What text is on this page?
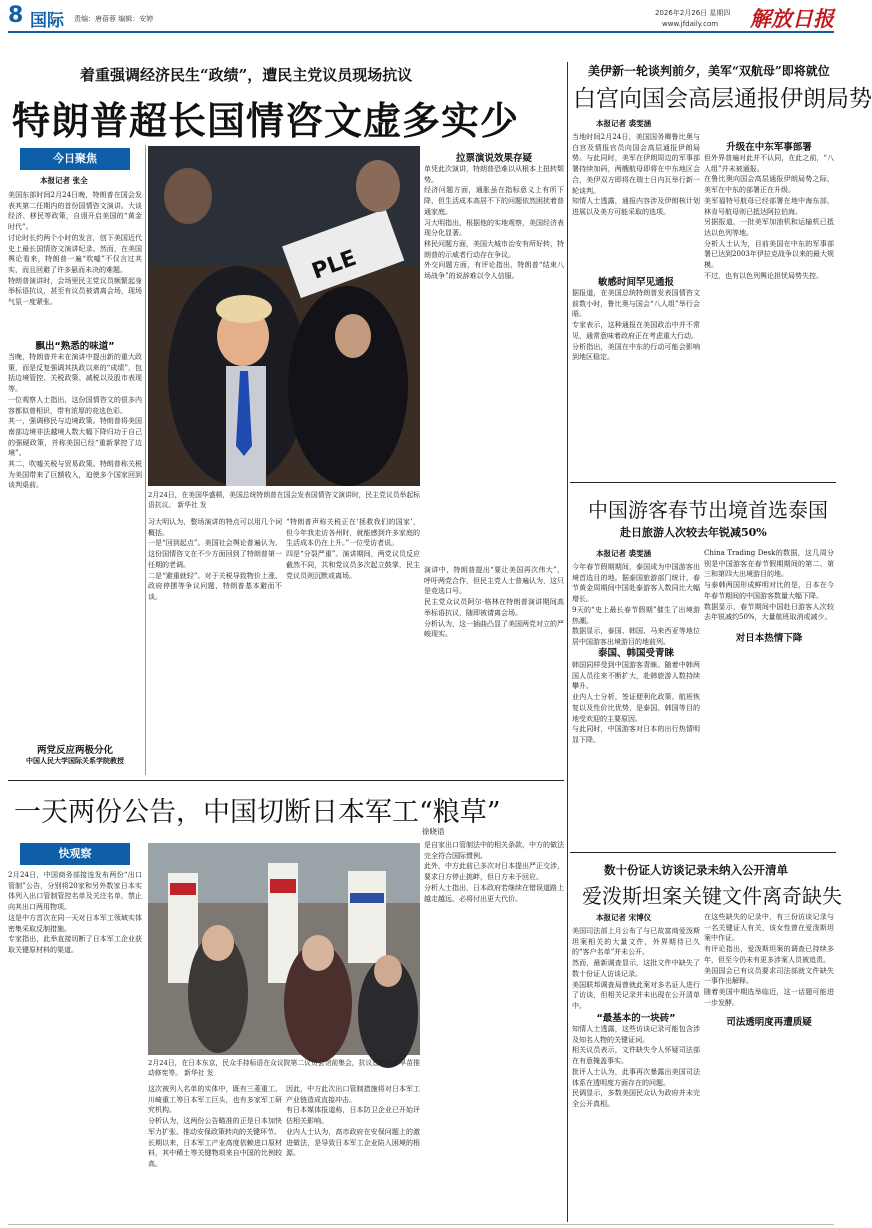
8 国际 责编：唐蓓蓉 编辑：安婷
2026年2月26日 星期四
www.jfdaily.com 解放日报
着重强调经济民生“政绩”，遭民主党议员现场抗议
特朗普超长国情咨文虚多实少
今日聚焦
本报记者 张全
美国东部时间2月24日晚，特朗普在国会发表其第二任期内的首份国情咨文演讲。大谈经济、移民等政策，自诩开启美国的“黄金时代”。
讨论时长约两个小时的发言，创下美国近代史上最长国情咨文演讲纪录。然而，在美国舆论看来，特朗普一遍“吹嘘”不仅言过其实，而且回避了许多悬而未决的难题。
特朗普演讲时，会场里民主党议员频繁起身举标语抗议，甚至有议员被请离会场，现场气氛一度紧张。
飘出“熟悉的味道”
当晚，特朗普并未在演讲中提出新的重大政策，而是反复强调其执政以来的“成绩”，包括边境管控、关税政策、减税以及股市表现等。
一位观察人士指出，这份国情咨文的很多内容都似曾相识，带有浓厚的竞选色彩。
其一，强调移民与边境政策。特朗普将美国南部边境非法越境人数大幅下降归功于自己的强硬政策，并称美国已经“重新掌控了边境”。
其二，吹嘘关税与贸易政策。特朗普称关税为美国带来了巨额收入，迫使多个国家回到谈判桌前。
两党反应两极分化
中国人民大学国际关系学院教授
PLE
2月24日，在美国华盛顿，美国总统特朗普在国会发表国情咨文演讲时，民主党议员举起标语抗议。 新华社 发
拉票演说效果存疑
单凭此次演讲，特朗普恐难以从根本上扭转颓势。
经济问题方面，通胀虽在指标意义上有所下降，但生活成本高居不下的问题依然困扰着普通家庭。
习大明指出，根据他的实地观察，美国经济表现分化显著。
移民问题方面，美国大城市治安有所好转，特朗普的示威者行动存在争议。
外交问题方面，有评论指出，特朗普“结束八场战争”的说辞难以令人信服。
习大明认为，整场演讲的特点可以用几个词概括。
一是“回到起点”。美国社会舆论普遍认为，这份国情咨文在不少方面回到了特朗普第一任期的老调。
二是“避重就轻”。对于关税导致物价上涨、政府停摆等争议问题，特朗普基本避而不谈。
“特朗普声称关税正在‘拯救我们的国家’，但今年我走访各州时，就能感到许多家庭的生活成本仍在上升。”一位受访者说。
四是“分裂严重”。演讲期间，两党议员反应截然不同，共和党议员多次起立鼓掌，民主党议员则沉默或离场。
演讲中，特朗普提出“要让美国再次伟大”，呼吁两党合作，但民主党人士普遍认为，这只是竞选口号。
民主党众议员阿尔·格林在特朗普演讲期间高举标语抗议，随即被请离会场。
分析认为，这一插曲凸显了美国两党对立的严峻现实。
美伊新一轮谈判前夕，美军“双航母”即将就位
白宫向国会高层通报伊朗局势
本报记者 裘雯涵
当地时间2月24日，美国国务卿鲁比奥与白宫及情报官员向国会高层通报伊朗局势。与此同时，美军在伊朗周边的军事部署持续加码，两艘航母即将在中东地区会合，美伊双方即将在瑞士日内瓦举行新一轮谈判。
知情人士透露，通报内容涉及伊朗核计划进展以及美方可能采取的选项。
敏感时间罕见通报
据报道，在美国总统特朗普发表国情咨文前数小时，鲁比奥与国会“八人组”举行会晤。
专家表示，这种通报在美国政治中并不常见，通常意味着政府正在考虑重大行动。
分析指出，美国在中东的行动可能会影响到地区稳定。
升级在中东军事部署
但外界普遍对此并不认同，在此之前，“八人组”并未被通报。
在鲁比奥向国会高层通报伊朗局势之际，美军在中东的部署正在升级。
美军福特号航母已经部署在地中海东部，林肯号航母则已抵达阿拉伯海。
另据报道，一批美军加油机和运输机已抵达以色列等地。
分析人士认为，目前美国在中东的军事部署已达到2003年伊拉克战争以来的最大规模。
不过，也有以色列舆论担忧局势失控。
中国游客春节出境首选泰国
赴日旅游人次较去年锐减50%
本报记者 裘雯涵
今年春节假期期间，泰国成为中国游客出境首选目的地。据泰国旅游部门统计，春节黄金周期间中国赴泰游客人数同比大幅增长。
9天的“史上最长春节假期”催生了出境游热潮。
数据显示，泰国、韩国、马来西亚等地位居中国游客出境游目的地前列。
泰国、韩国受青睐
韩国同样受到中国游客青睐。随着中韩两国人员往来不断扩大，赴韩旅游人数持续攀升。
业内人士分析，签证便利化政策、航班恢复以及性价比优势，是泰国、韩国等目的地受欢迎的主要原因。
与此同时，中国游客对日本的出行热情明显下降。
China Trading Desk的数据，这几周分别是中国游客在春节假期期间的第二、第三和第四大出境游目的地。
与泰韩两国形成鲜明对比的是，日本在今年春节期间的中国游客数量大幅下降。
数据显示，春节期间中国赴日游客人次较去年锐减约50%，大量航班取消或减少。
对日本热情下降
一天两份公告，中国切断日本军工“粮草”
徐晓语
快观察
2月24日，中国商务部接连发布两份“出口管制”公告，分别将20家和另外数家日本实体列入出口管制管控名单及关注名单，禁止向其出口两用物项。
这是中方首次在同一天对日本军工领域实体密集采取反制措施。
专家指出，此举直接切断了日本军工企业获取关键原材料的渠道。
是自家出口管制法中的相关条款，中方的做法完全符合国际惯例。
此外，中方此前已多次对日本提出严正交涉，要求日方停止挑衅，但日方未予回应。
分析人士指出，日本政府若继续在错误道路上越走越远，必将付出更大代价。
2月24日，在日本东京，民众手持标语在众议院第二议员会馆前集会，抗议首相高市早苗推动修宪等。 新华社 发
这次被列入名单的实体中，既有三菱重工、川崎重工等日本军工巨头，也有多家军工研究机构。
分析认为，这两份公告瞄准的正是日本加快军力扩张、推动安保政策转向的关键环节。
长期以来，日本军工产业高度依赖进口原材料，其中稀土等关键物项来自中国的比例较高。
因此，中方此次出口管制措施将对日本军工产业链造成直接冲击。
有日本媒体报道称，日本防卫企业已开始评估相关影响。
业内人士认为，高市政府在安保问题上的激进做法，是导致日本军工企业陷入困境的根源。
数十份证人访谈记录未纳入公开清单
爱泼斯坦案关键文件离奇缺失
本报记者 宋博仪
美国司法部上月公布了与已故富商爱泼斯坦案相关的大量文件，外界期待已久的“客户名单”并未公开。
然而，最新调查显示，这批文件中缺失了数十份证人访谈记录。
美国联邦调查局曾就此案对多名证人进行了访谈，但相关记录并未出现在公开清单中。
“最基本的一块砖”
知情人士透露，这些访谈记录可能包含涉及知名人物的关键证词。
相关议员表示，文件缺失令人怀疑司法部在有意掩盖事实。
批评人士认为，此事再次暴露出美国司法体系在透明度方面存在的问题。
民调显示，多数美国民众认为政府并未完全公开真相。
在这些缺失的记录中，有三份访谈记录与一名关键证人有关，该女性曾在爱泼斯坦案中作证。
有评论指出，爱泼斯坦案的调查已持续多年，但至今仍未有更多涉案人员被追责。
美国国会已有议员要求司法部就文件缺失一事作出解释。
随着美国中期选举临近，这一话题可能进一步发酵。
司法透明度再遭质疑
